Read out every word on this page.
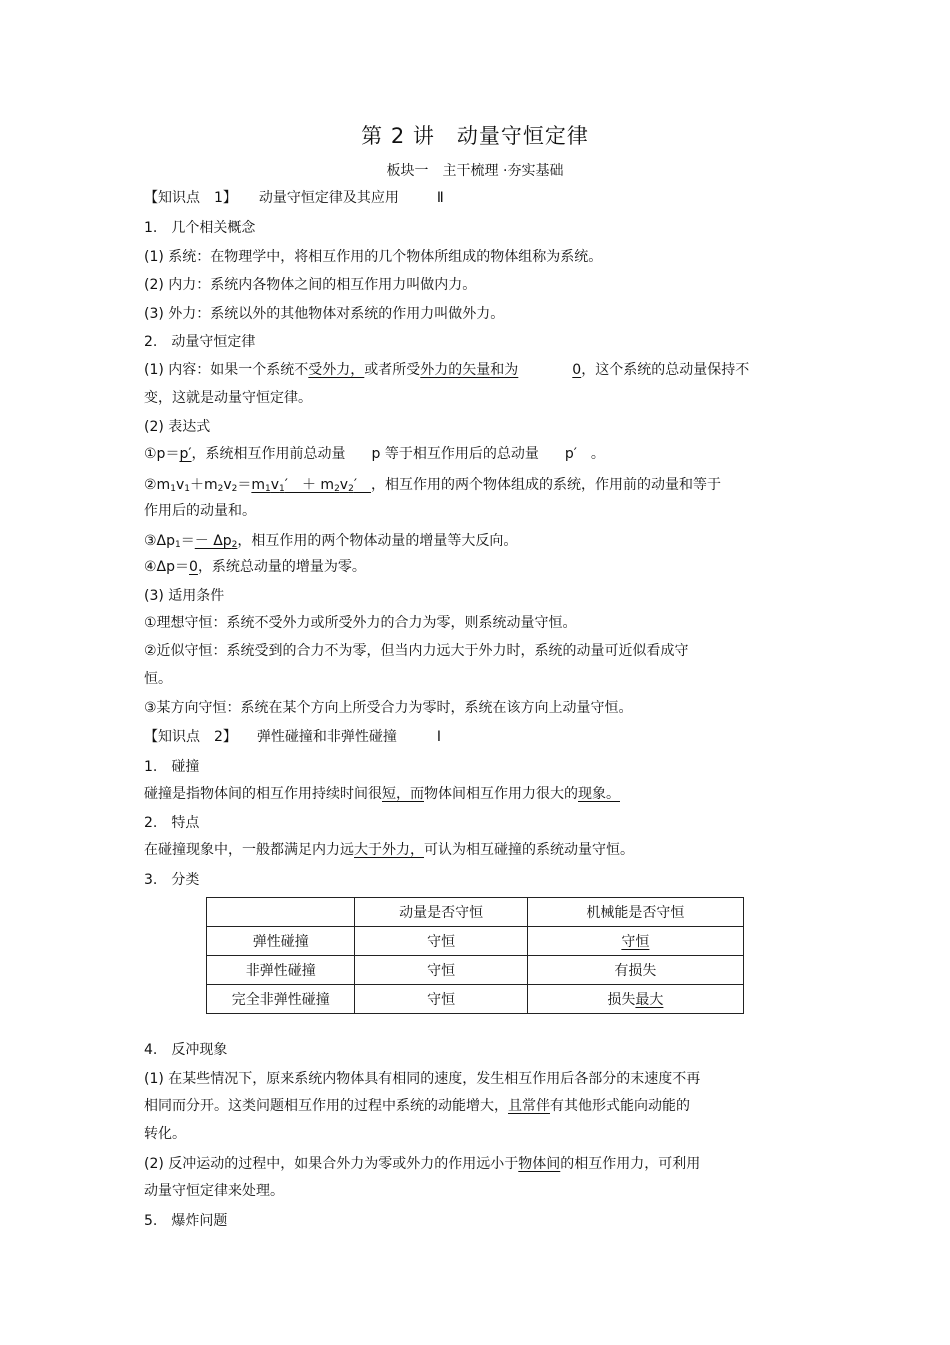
第 2 讲　动量守恒定律
板块一　主干梳理 ·夯实基础
【知识点　1】 动量守恒定律及其应用	Ⅱ
1.　几个相关概念
(1) 系统：在物理学中，将相互作用的几个物体所组成的物体组称为系统。
(2) 内力：系统内各物体之间的相互作用力叫做内力。
(3) 外力：系统以外的其他物体对系统的作用力叫做外力。
2.　动量守恒定律
(1) 内容：如果一个系统不受外力，或者所受外力的矢量和为	0，这个系统的总动量保持不
变，这就是动量守恒定律。
(2) 表达式
①p＝p′，系统相互作用前总动量 p 等于相互作用后的总动量 p′　。
$②m_1v_1+m_2v_2=m_1v_1'$　＋ $m_2v_2'$　，相互作用的两个物体组成的系统，作用前的动量和等于
作用后的动量和。
$③\Delta p_1=- \Delta p_2$，相互作用的两个物体动量的增量等大反向。
④Δp＝0，系统总动量的增量为零。
(3) 适用条件
①理想守恒：系统不受外力或所受外力的合力为零，则系统动量守恒。
②近似守恒：系统受到的合力不为零，但当内力远大于外力时，系统的动量可近似看成守
恒。
③某方向守恒：系统在某个方向上所受合力为零时，系统在该方向上动量守恒。
【知识点　2】 弹性碰撞和非弹性碰撞	Ⅰ
1.　碰撞
碰撞是指物体间的相互作用持续时间很短，而物体间相互作用力很大的现象。
2.　特点
在碰撞现象中，一般都满足内力远大于外力，可认为相互碰撞的系统动量守恒。
3.　分类
	动量是否守恒	机械能是否守恒
弹性碰撞	守恒	守恒
非弹性碰撞	守恒	有损失
完全非弹性碰撞	守恒	损失最大
4.　反冲现象
(1) 在某些情况下，原来系统内物体具有相同的速度，发生相互作用后各部分的末速度不再
相同而分开。这类问题相互作用的过程中系统的动能增大，且常伴有其他形式能向动能的
转化。
(2) 反冲运动的过程中，如果合外力为零或外力的作用远小于物体间的相互作用力，可利用
动量守恒定律来处理。
5.　爆炸问题
